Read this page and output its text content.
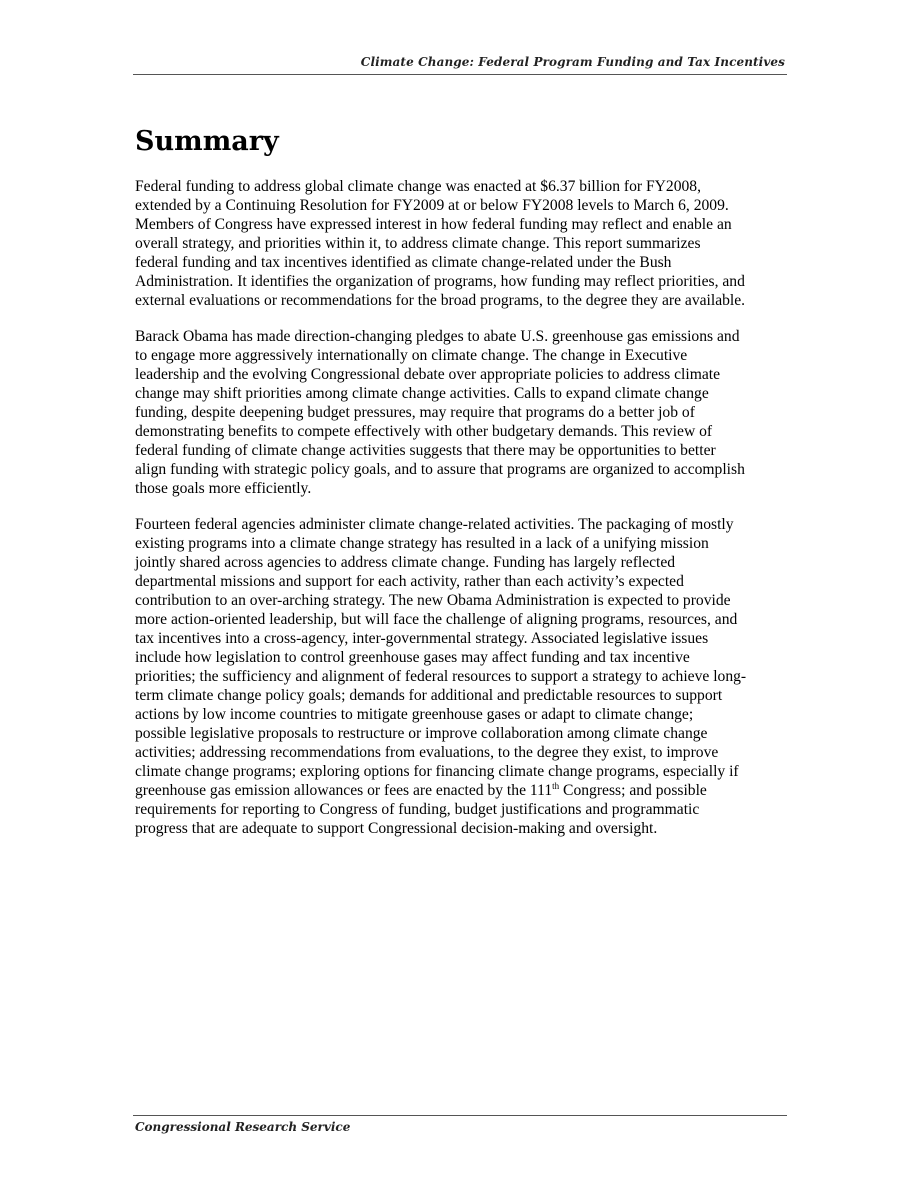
Climate Change: Federal Program Funding and Tax Incentives
Summary

Federal funding to address global climate change was enacted at $6.37 billion for FY2008,
extended by a Continuing Resolution for FY2009 at or below FY2008 levels to March 6, 2009.
Members of Congress have expressed interest in how federal funding may reflect and enable an
overall strategy, and priorities within it, to address climate change. This report summarizes
federal funding and tax incentives identified as climate change-related under the Bush
Administration. It identifies the organization of programs, how funding may reflect priorities, and
external evaluations or recommendations for the broad programs, to the degree they are available.

Barack Obama has made direction-changing pledges to abate U.S. greenhouse gas emissions and
to engage more aggressively internationally on climate change. The change in Executive
leadership and the evolving Congressional debate over appropriate policies to address climate
change may shift priorities among climate change activities. Calls to expand climate change
funding, despite deepening budget pressures, may require that programs do a better job of
demonstrating benefits to compete effectively with other budgetary demands. This review of
federal funding of climate change activities suggests that there may be opportunities to better
align funding with strategic policy goals, and to assure that programs are organized to accomplish
those goals more efficiently.

Fourteen federal agencies administer climate change-related activities. The packaging of mostly
existing programs into a climate change strategy has resulted in a lack of a unifying mission
jointly shared across agencies to address climate change. Funding has largely reflected
departmental missions and support for each activity, rather than each activity’s expected
contribution to an over-arching strategy. The new Obama Administration is expected to provide
more action-oriented leadership, but will face the challenge of aligning programs, resources, and
tax incentives into a cross-agency, inter-governmental strategy. Associated legislative issues
include how legislation to control greenhouse gases may affect funding and tax incentive
priorities; the sufficiency and alignment of federal resources to support a strategy to achieve long-
term climate change policy goals; demands for additional and predictable resources to support
actions by low income countries to mitigate greenhouse gases or adapt to climate change;
possible legislative proposals to restructure or improve collaboration among climate change
activities; addressing recommendations from evaluations, to the degree they exist, to improve
climate change programs; exploring options for financing climate change programs, especially if
greenhouse gas emission allowances or fees are enacted by the 111th Congress; and possible
requirements for reporting to Congress of funding, budget justifications and programmatic
progress that are adequate to support Congressional decision-making and oversight.

Congressional Research Service
